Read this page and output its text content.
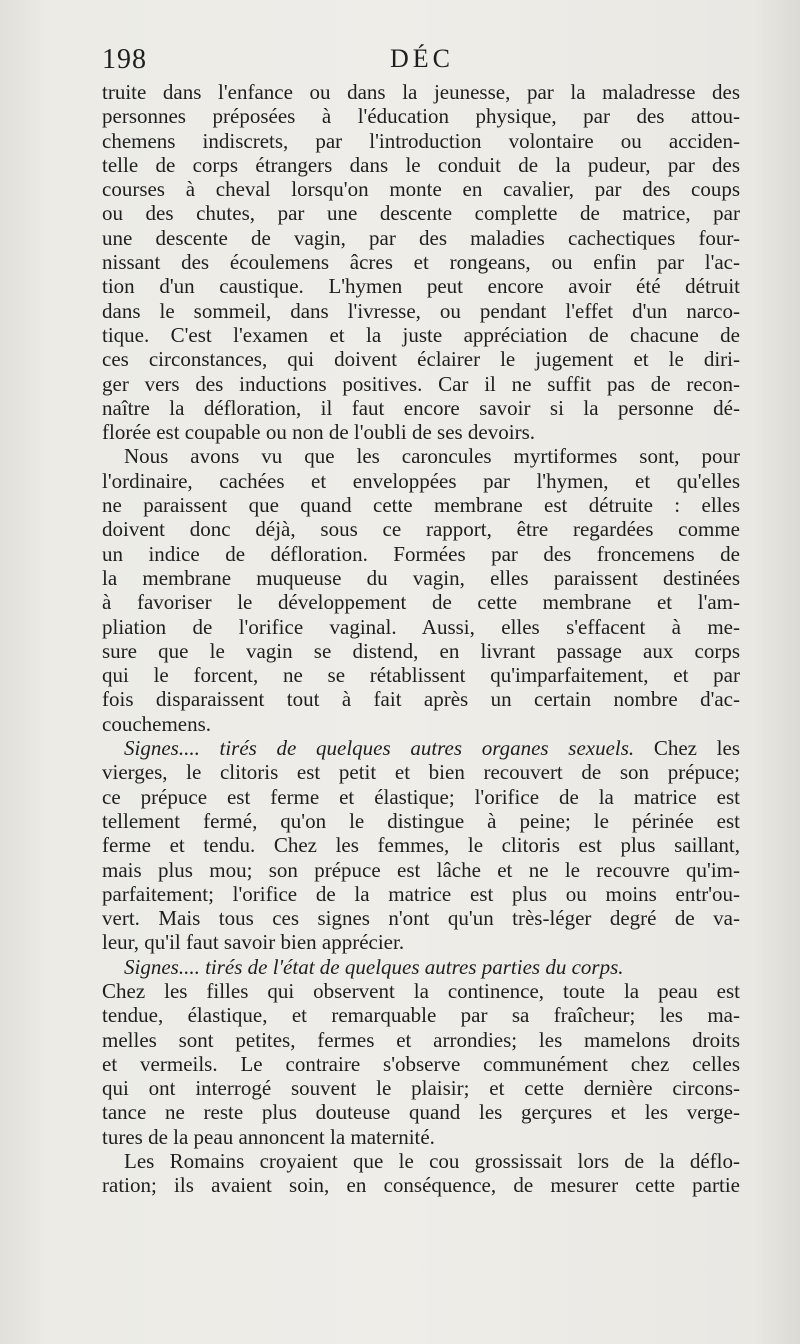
198	DÉC
truite dans l'enfance ou dans la jeunesse, par la maladresse des
personnes préposées à l'éducation physique, par des attou-
chemens indiscrets, par l'introduction volontaire ou acciden-
telle de corps étrangers dans le conduit de la pudeur, par des
courses à cheval lorsqu'on monte en cavalier, par des coups
ou des chutes, par une descente complette de matrice, par
une descente de vagin, par des maladies cachectiques four-
nissant des écoulemens âcres et rongeans, ou enfin par l'ac-
tion d'un caustique. L'hymen peut encore avoir été détruit
dans le sommeil, dans l'ivresse, ou pendant l'effet d'un narco-
tique. C'est l'examen et la juste appréciation de chacune de
ces circonstances, qui doivent éclairer le jugement et le diri-
ger vers des inductions positives. Car il ne suffit pas de recon-
naître la défloration, il faut encore savoir si la personne dé-
florée est coupable ou non de l'oubli de ses devoirs.
Nous avons vu que les caroncules myrtiformes sont, pour
l'ordinaire, cachées et enveloppées par l'hymen, et qu'elles
ne paraissent que quand cette membrane est détruite : elles
doivent donc déjà, sous ce rapport, être regardées comme
un indice de défloration. Formées par des froncemens de
la membrane muqueuse du vagin, elles paraissent destinées
à favoriser le développement de cette membrane et l'am-
pliation de l'orifice vaginal. Aussi, elles s'effacent à me-
sure que le vagin se distend, en livrant passage aux corps
qui le forcent, ne se rétablissent qu'imparfaitement, et par
fois disparaissent tout à fait après un certain nombre d'ac-
couchemens.
Signes.... tirés de quelques autres organes sexuels. Chez les
vierges, le clitoris est petit et bien recouvert de son prépuce;
ce prépuce est ferme et élastique; l'orifice de la matrice est
tellement fermé, qu'on le distingue à peine; le périnée est
ferme et tendu. Chez les femmes, le clitoris est plus saillant,
mais plus mou; son prépuce est lâche et ne le recouvre qu'im-
parfaitement; l'orifice de la matrice est plus ou moins entr'ou-
vert. Mais tous ces signes n'ont qu'un très-léger degré de va-
leur, qu'il faut savoir bien apprécier.
Signes.... tirés de l'état de quelques autres parties du corps.
Chez les filles qui observent la continence, toute la peau est
tendue, élastique, et remarquable par sa fraîcheur; les ma-
melles sont petites, fermes et arrondies; les mamelons droits
et vermeils. Le contraire s'observe communément chez celles
qui ont interrogé souvent le plaisir; et cette dernière circons-
tance ne reste plus douteuse quand les gerçures et les verge-
tures de la peau annoncent la maternité.
Les Romains croyaient que le cou grossissait lors de la déflo-
ration; ils avaient soin, en conséquence, de mesurer cette partie
